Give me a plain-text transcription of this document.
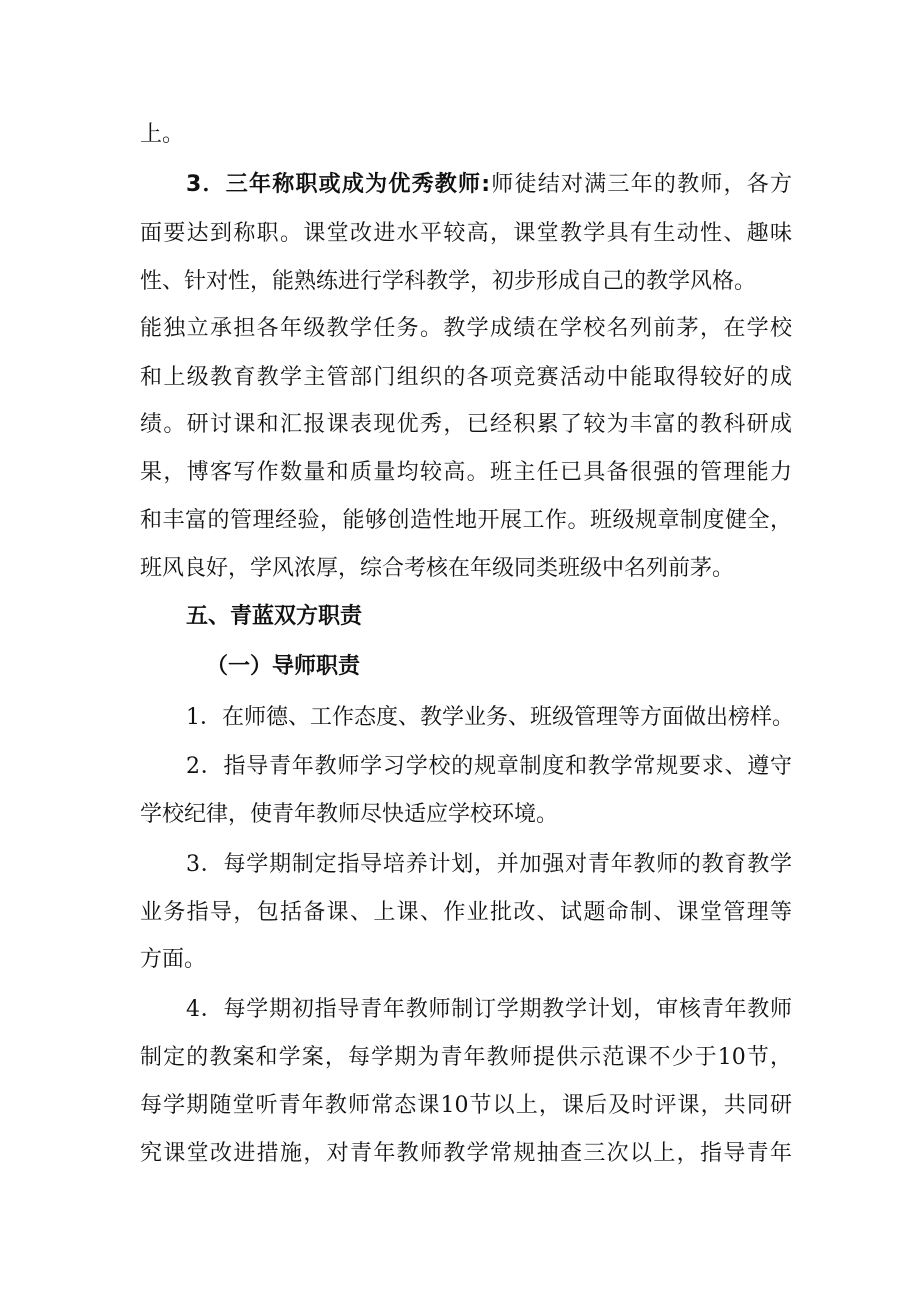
上。
3．三年称职或成为优秀教师:师徒结对满三年的教师，各方
面要达到称职。课堂改进水平较高，课堂教学具有生动性、趣味
性、针对性，能熟练进行学科教学，初步形成自己的教学风格。
能独立承担各年级教学任务。教学成绩在学校名列前茅，在学校
和上级教育教学主管部门组织的各项竞赛活动中能取得较好的成
绩。研讨课和汇报课表现优秀，已经积累了较为丰富的教科研成
果，博客写作数量和质量均较高。班主任已具备很强的管理能力
和丰富的管理经验，能够创造性地开展工作。班级规章制度健全，
班风良好，学风浓厚，综合考核在年级同类班级中名列前茅。
五、青蓝双方职责
（一）导师职责
1．在师德、工作态度、教学业务、班级管理等方面做出榜样。
2．指导青年教师学习学校的规章制度和教学常规要求、遵守
学校纪律，使青年教师尽快适应学校环境。
3．每学期制定指导培养计划，并加强对青年教师的教育教学
业务指导，包括备课、上课、作业批改、试题命制、课堂管理等
方面。
4．每学期初指导青年教师制订学期教学计划，审核青年教师
制定的教案和学案，每学期为青年教师提供示范课不少于10节，
每学期随堂听青年教师常态课10节以上，课后及时评课，共同研
究课堂改进措施，对青年教师教学常规抽查三次以上，指导青年
